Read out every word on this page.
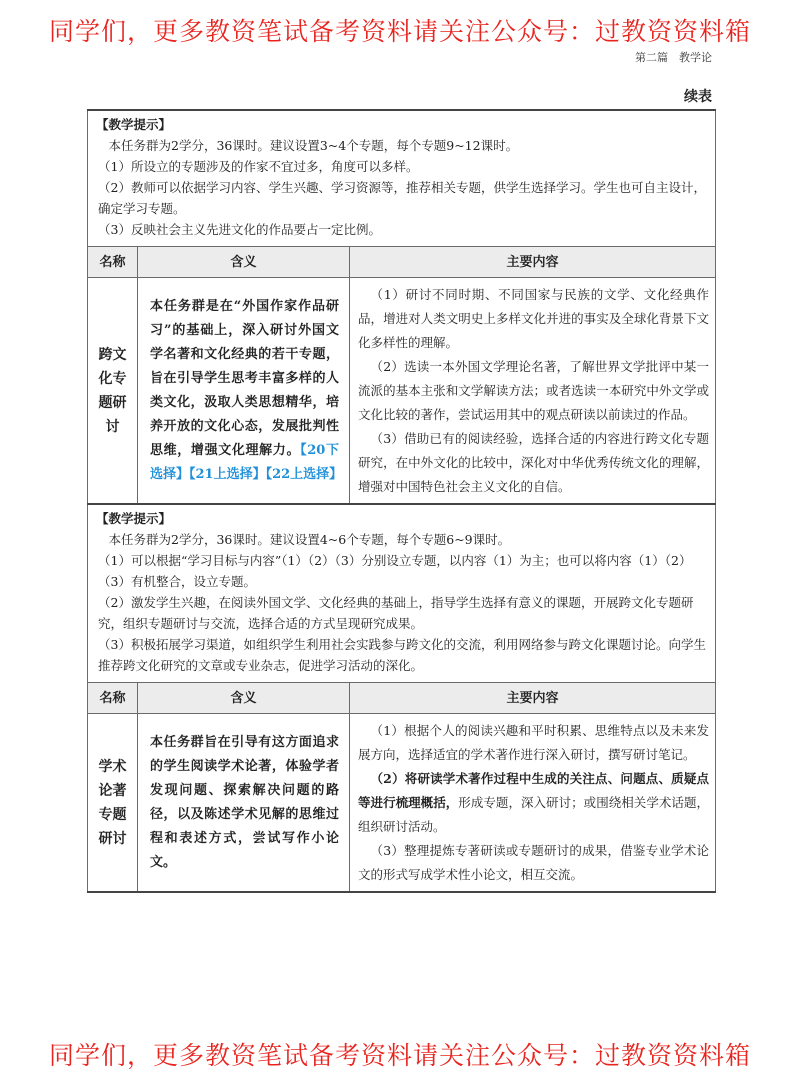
同学们，更多教资笔试备考资料请关注公众号：过教资资料箱
第二篇　教学论
续表

【教学提示】

本任务群为2学分，36课时。建议设置3~4个专题，每个专题9~12课时。

（1）所设立的专题涉及的作家不宜过多，角度可以多样。

（2）教师可以依据学习内容、学生兴趣、学习资源等，推荐相关专题，供学生选择学习。学生也可自主设计，确定学习专题。

（3）反映社会主义先进文化的作品要占一定比例。		

名称	含义	主要内容
跨文化专题研讨	本任务群是在“外国作家作品研习”的基础上，深入研讨外国文学名著和文化经典的若干专题，旨在引导学生思考丰富多样的人类文化，汲取人类思想精华，培养开放的文化心态，发展批判性思维，增强文化理解力。【20下选择】【21上选择】【22上选择】	（1）研讨不同时期、不同国家与民族的文学、文化经典作品，增进对人类文明史上多样文化并进的事实及全球化背景下文化多样性的理解。

（2）选读一本外国文学理论名著，了解世界文学批评中某一流派的基本主张和文学解读方法；或者选读一本研究中外文学或文化比较的著作，尝试运用其中的观点研读以前读过的作品。

（3）借助已有的阅读经验，选择合适的内容进行跨文化专题研究，在中外文化的比较中，深化对中华优秀传统文化的理解，增强对中国特色社会主义文化的自信。

【教学提示】

本任务群为2学分，36课时。建议设置4~6个专题，每个专题6~9课时。

（1）可以根据“学习目标与内容”（1）（2）（3）分别设立专题，以内容（1）为主；也可以将内容（1）（2）（3）有机整合，设立专题。

（2）激发学生兴趣，在阅读外国文学、文化经典的基础上，指导学生选择有意义的课题，开展跨文化专题研究，组织专题研讨与交流，选择合适的方式呈现研究成果。

（3）积极拓展学习渠道，如组织学生利用社会实践参与跨文化的交流，利用网络参与跨文化课题讨论。向学生推荐跨文化研究的文章或专业杂志，促进学习活动的深化。		

名称	含义	主要内容
学术论著专题研讨	本任务群旨在引导有这方面追求的学生阅读学术论著，体验学者发现问题、探索解决问题的路径，以及陈述学术见解的思维过程和表述方式，尝试写作小论文。	（1）根据个人的阅读兴趣和平时积累、思维特点以及未来发展方向，选择适宜的学术著作进行深入研讨，撰写研讨笔记。

（2）将研读学术著作过程中生成的关注点、问题点、质疑点等进行梳理概括，形成专题，深入研讨；或围绕相关学术话题，组织研讨活动。

（3）整理提炼专著研读或专题研讨的成果，借鉴专业学术论文的形式写成学术性小论文，相互交流。

同学们，更多教资笔试备考资料请关注公众号：过教资资料箱
